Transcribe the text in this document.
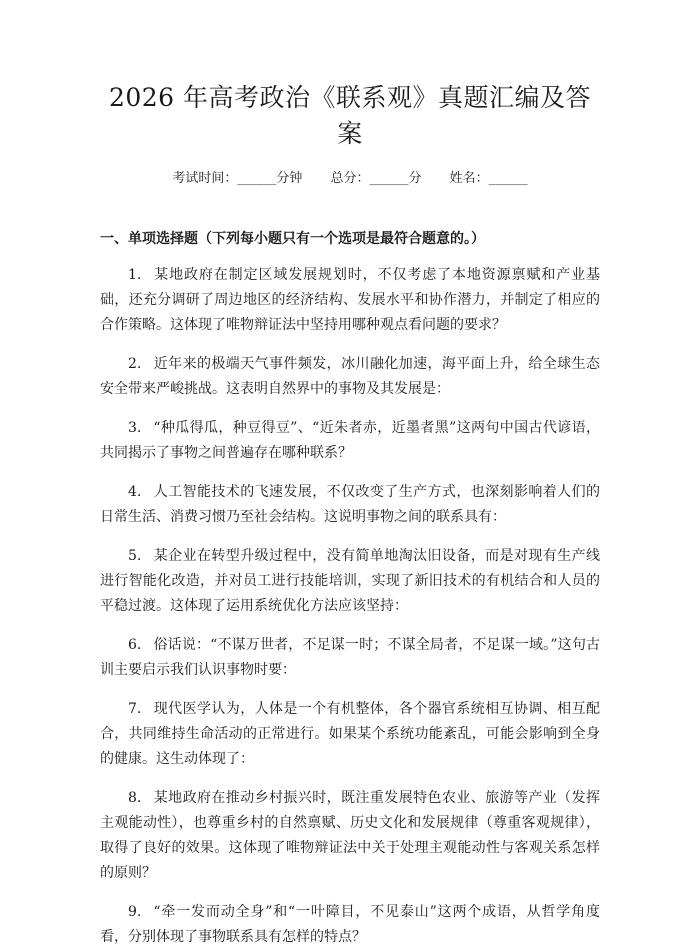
2026 年高考政治《联系观》真题汇编及答案
考试时间：______分钟 总分：______分 姓名：______
一、单项选择题（下列每小题只有一个选项是最符合题意的。）

1. 某地政府在制定区域发展规划时，不仅考虑了本地资源禀赋和产业基础，还充分调研了周边地区的经济结构、发展水平和协作潜力，并制定了相应的合作策略。这体现了唯物辩证法中坚持用哪种观点看问题的要求？

2. 近年来的极端天气事件频发，冰川融化加速，海平面上升，给全球生态安全带来严峻挑战。这表明自然界中的事物及其发展是：

3. “种瓜得瓜，种豆得豆”、“近朱者赤，近墨者黑”这两句中国古代谚语，共同揭示了事物之间普遍存在哪种联系？

4. 人工智能技术的飞速发展，不仅改变了生产方式，也深刻影响着人们的日常生活、消费习惯乃至社会结构。这说明事物之间的联系具有：

5. 某企业在转型升级过程中，没有简单地淘汰旧设备，而是对现有生产线进行智能化改造，并对员工进行技能培训，实现了新旧技术的有机结合和人员的平稳过渡。这体现了运用系统优化方法应该坚持：

6. 俗话说：“不谋万世者，不足谋一时；不谋全局者，不足谋一域。”这句古训主要启示我们认识事物时要：

7. 现代医学认为，人体是一个有机整体，各个器官系统相互协调、相互配合，共同维持生命活动的正常进行。如果某个系统功能紊乱，可能会影响到全身的健康。这生动体现了：

8. 某地政府在推动乡村振兴时，既注重发展特色农业、旅游等产业（发挥主观能动性），也尊重乡村的自然禀赋、历史文化和发展规律（尊重客观规律），取得了良好的效果。这体现了唯物辩证法中关于处理主观能动性与客观关系怎样的原则？

9. “牵一发而动全身”和“一叶障目，不见泰山”这两个成语，从哲学角度看，分别体现了事物联系具有怎样的特点？
